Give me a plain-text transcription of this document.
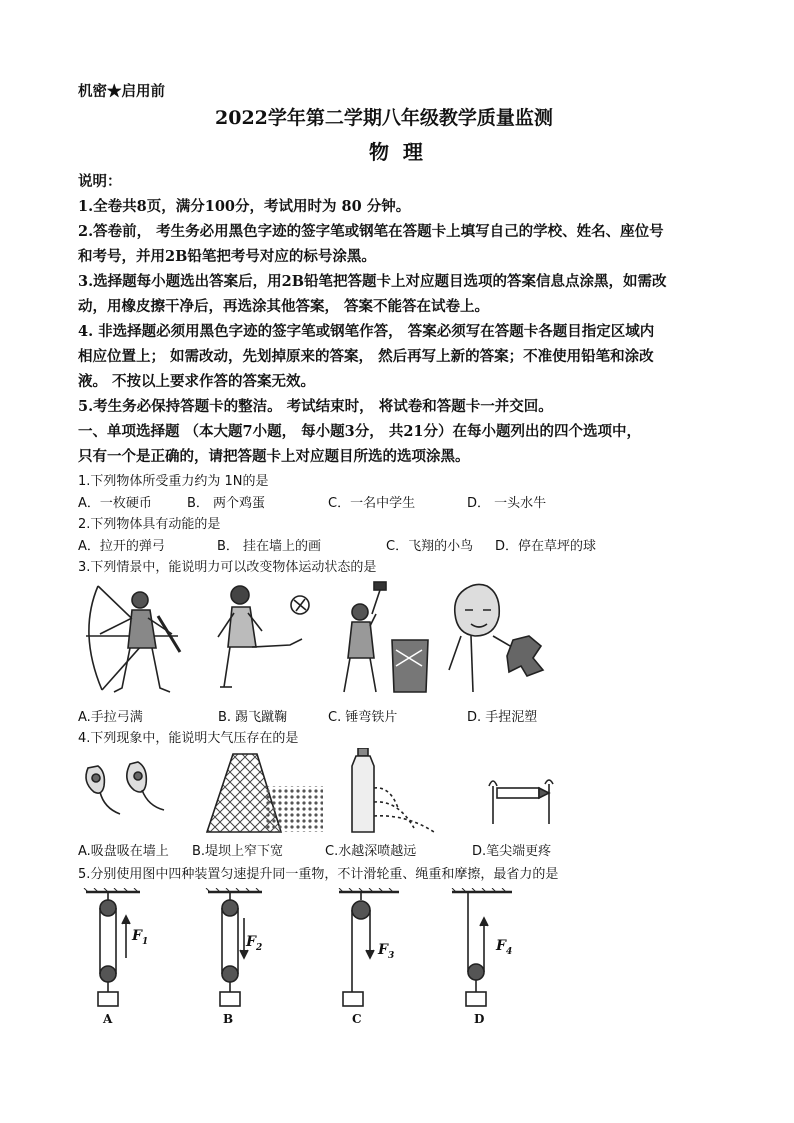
机密★启用前
2022学年第二学期八年级教学质量监测
物  理
说明：
1.全卷共8页，满分100分，考试用时为 80 分钟。
2.答卷前， 考生务必用黑色字迹的签字笔或钢笔在答题卡上填写自己的学校、姓名、座位号
和考号，并用2B铅笔把考号对应的标号涂黑。
3.选择题每小题选出答案后，用2B铅笔把答题卡上对应题目选项的答案信息点涂黑，如需改
动，用橡皮擦干净后，再选涂其他答案， 答案不能答在试卷上。
4. 非选择题必须用黑色字迹的签字笔或钢笔作答， 答案必须写在答题卡各题目指定区域内
相应位置上； 如需改动，先划掉原来的答案， 然后再写上新的答案；不准使用铅笔和涂改
液。 不按以上要求作答的答案无效。
5.考生务必保持答题卡的整洁。 考试结束时， 将试卷和答题卡一并交回。
一、单项选择题 （本大题7小题， 每小题3分， 共21分）在每小题列出的四个选项中，
只有一个是正确的，请把答题卡上对应题目所选的选项涂黑。
1.下列物体所受重力约为 1N的是
A．一枚硬币	B． 两个鸡蛋	C．一名中学生	D． 一头水牛
2.下列物体具有动能的是
A．拉开的弹弓	B． 挂在墙上的画	C．飞翔的小鸟 D．停在草坪的球
3.下列情景中，能说明力可以改变物体运动状态的是
A.手拉弓满	B. 踢飞蹴鞠	C. 锤弯铁片	D. 手捏泥塑
4.下列现象中，能说明大气压存在的是
A.吸盘吸在墙上 B.堤坝上窄下宽	C.水越深喷越远	D.笔尖端更疼
5.分别使用图中四种装置匀速提升同一重物，不计滑轮重、绳重和摩擦，最省力的是
$F_1$	$F_2$	$F_3$
$F_4$
A	B	C	D
